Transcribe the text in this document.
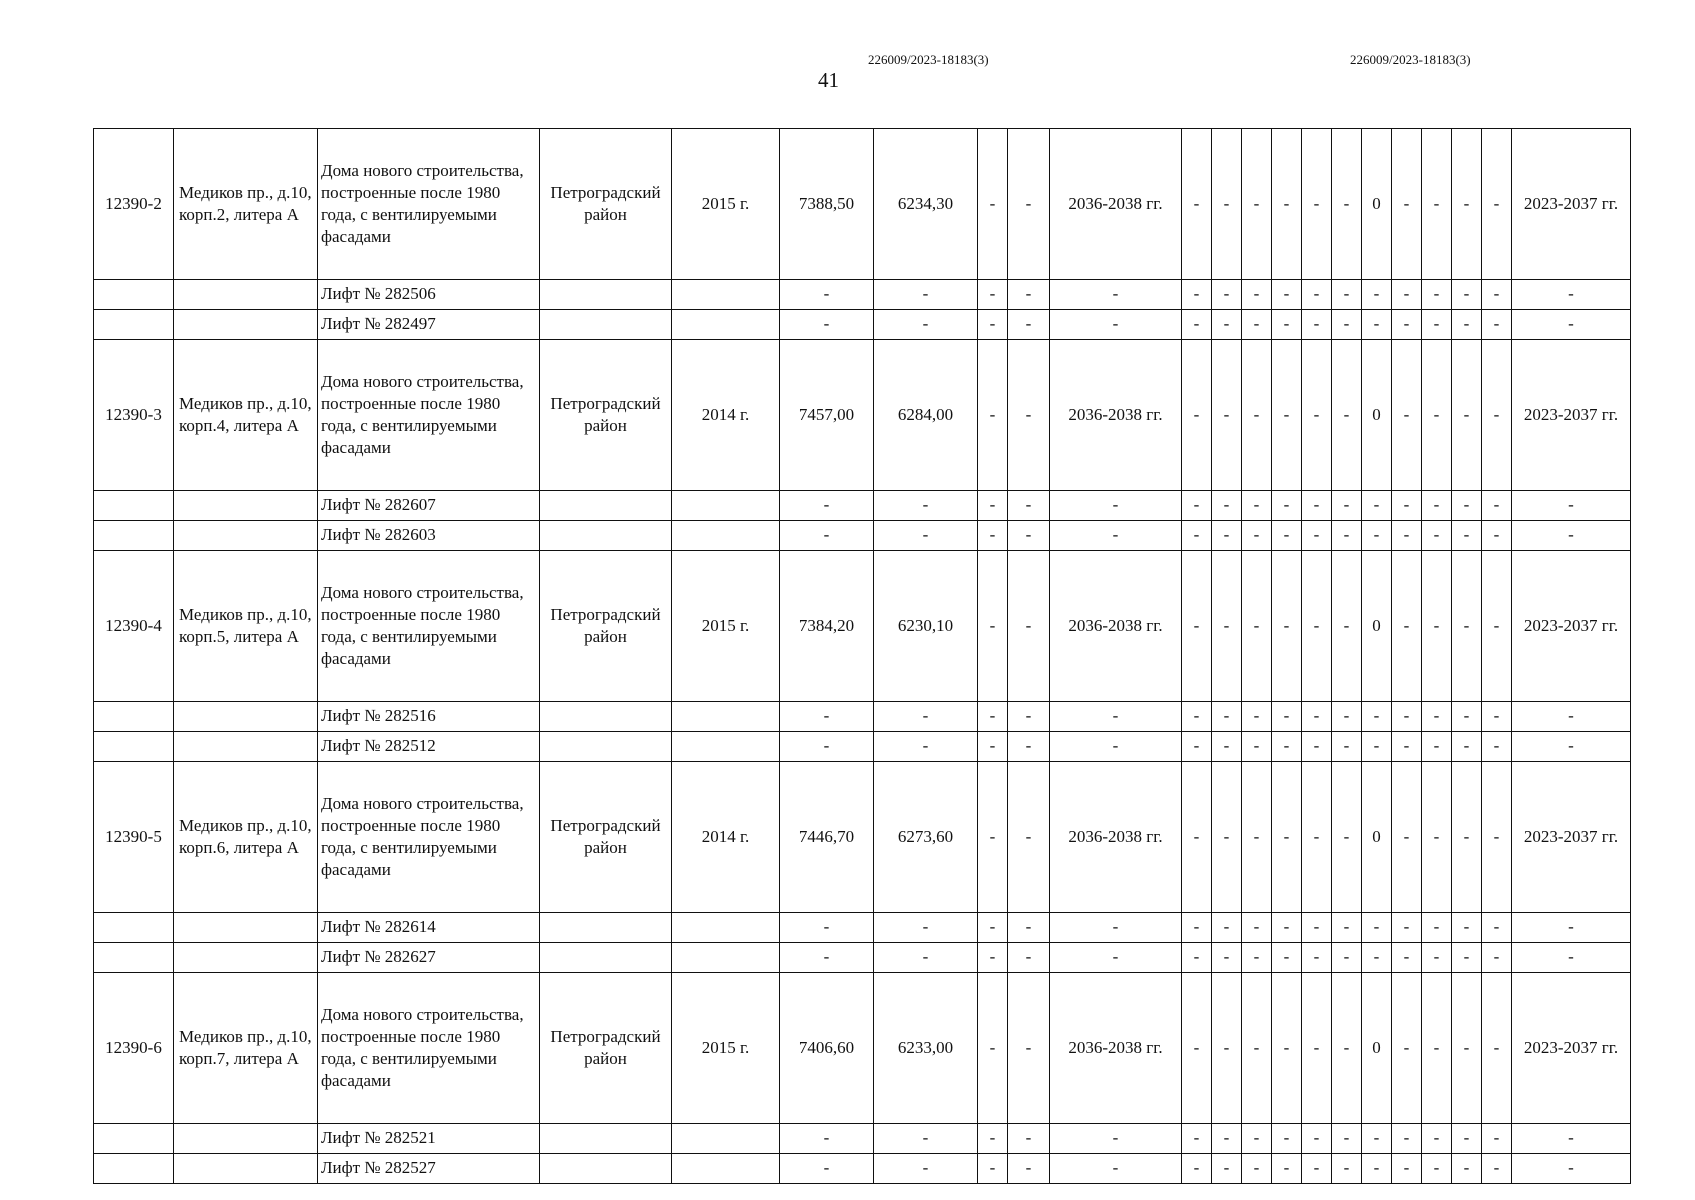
226009/2023-18183(3)	226009/2023-18183(3)
41
12390-2	Медиков пр., д.10, корп.2, литера А	Дома нового строительства, построенные после 1980 года, с вентилируемыми фасадами	Петроградский район	2015 г.	7388,50	6234,30	-	-	2036-2038 гг.	-	-	-	-	-	-	0	-	-	-	-	2023-2037 гг.
		Лифт № 282506			-	-	-	-	-	-	-	-	-	-	-	-	-	-	-	-	-
		Лифт № 282497			-	-	-	-	-	-	-	-	-	-	-	-	-	-	-	-	-
12390-3	Медиков пр., д.10, корп.4, литера А	Дома нового строительства, построенные после 1980 года, с вентилируемыми фасадами	Петроградский район	2014 г.	7457,00	6284,00	-	-	2036-2038 гг.	-	-	-	-	-	-	0	-	-	-	-	2023-2037 гг.
		Лифт № 282607			-	-	-	-	-	-	-	-	-	-	-	-	-	-	-	-	-
		Лифт № 282603			-	-	-	-	-	-	-	-	-	-	-	-	-	-	-	-	-
12390-4	Медиков пр., д.10, корп.5, литера А	Дома нового строительства, построенные после 1980 года, с вентилируемыми фасадами	Петроградский район	2015 г.	7384,20	6230,10	-	-	2036-2038 гг.	-	-	-	-	-	-	0	-	-	-	-	2023-2037 гг.
		Лифт № 282516			-	-	-	-	-	-	-	-	-	-	-	-	-	-	-	-	-
		Лифт № 282512			-	-	-	-	-	-	-	-	-	-	-	-	-	-	-	-	-
12390-5	Медиков пр., д.10, корп.6, литера А	Дома нового строительства, построенные после 1980 года, с вентилируемыми фасадами	Петроградский район	2014 г.	7446,70	6273,60	-	-	2036-2038 гг.	-	-	-	-	-	-	0	-	-	-	-	2023-2037 гг.
		Лифт № 282614			-	-	-	-	-	-	-	-	-	-	-	-	-	-	-	-	-
		Лифт № 282627			-	-	-	-	-	-	-	-	-	-	-	-	-	-	-	-	-
12390-6	Медиков пр., д.10, корп.7, литера А	Дома нового строительства, построенные после 1980 года, с вентилируемыми фасадами	Петроградский район	2015 г.	7406,60	6233,00	-	-	2036-2038 гг.	-	-	-	-	-	-	0	-	-	-	-	2023-2037 гг.
		Лифт № 282521			-	-	-	-	-	-	-	-	-	-	-	-	-	-	-	-	-
		Лифт № 282527			-	-	-	-	-	-	-	-	-	-	-	-	-	-	-	-	-
